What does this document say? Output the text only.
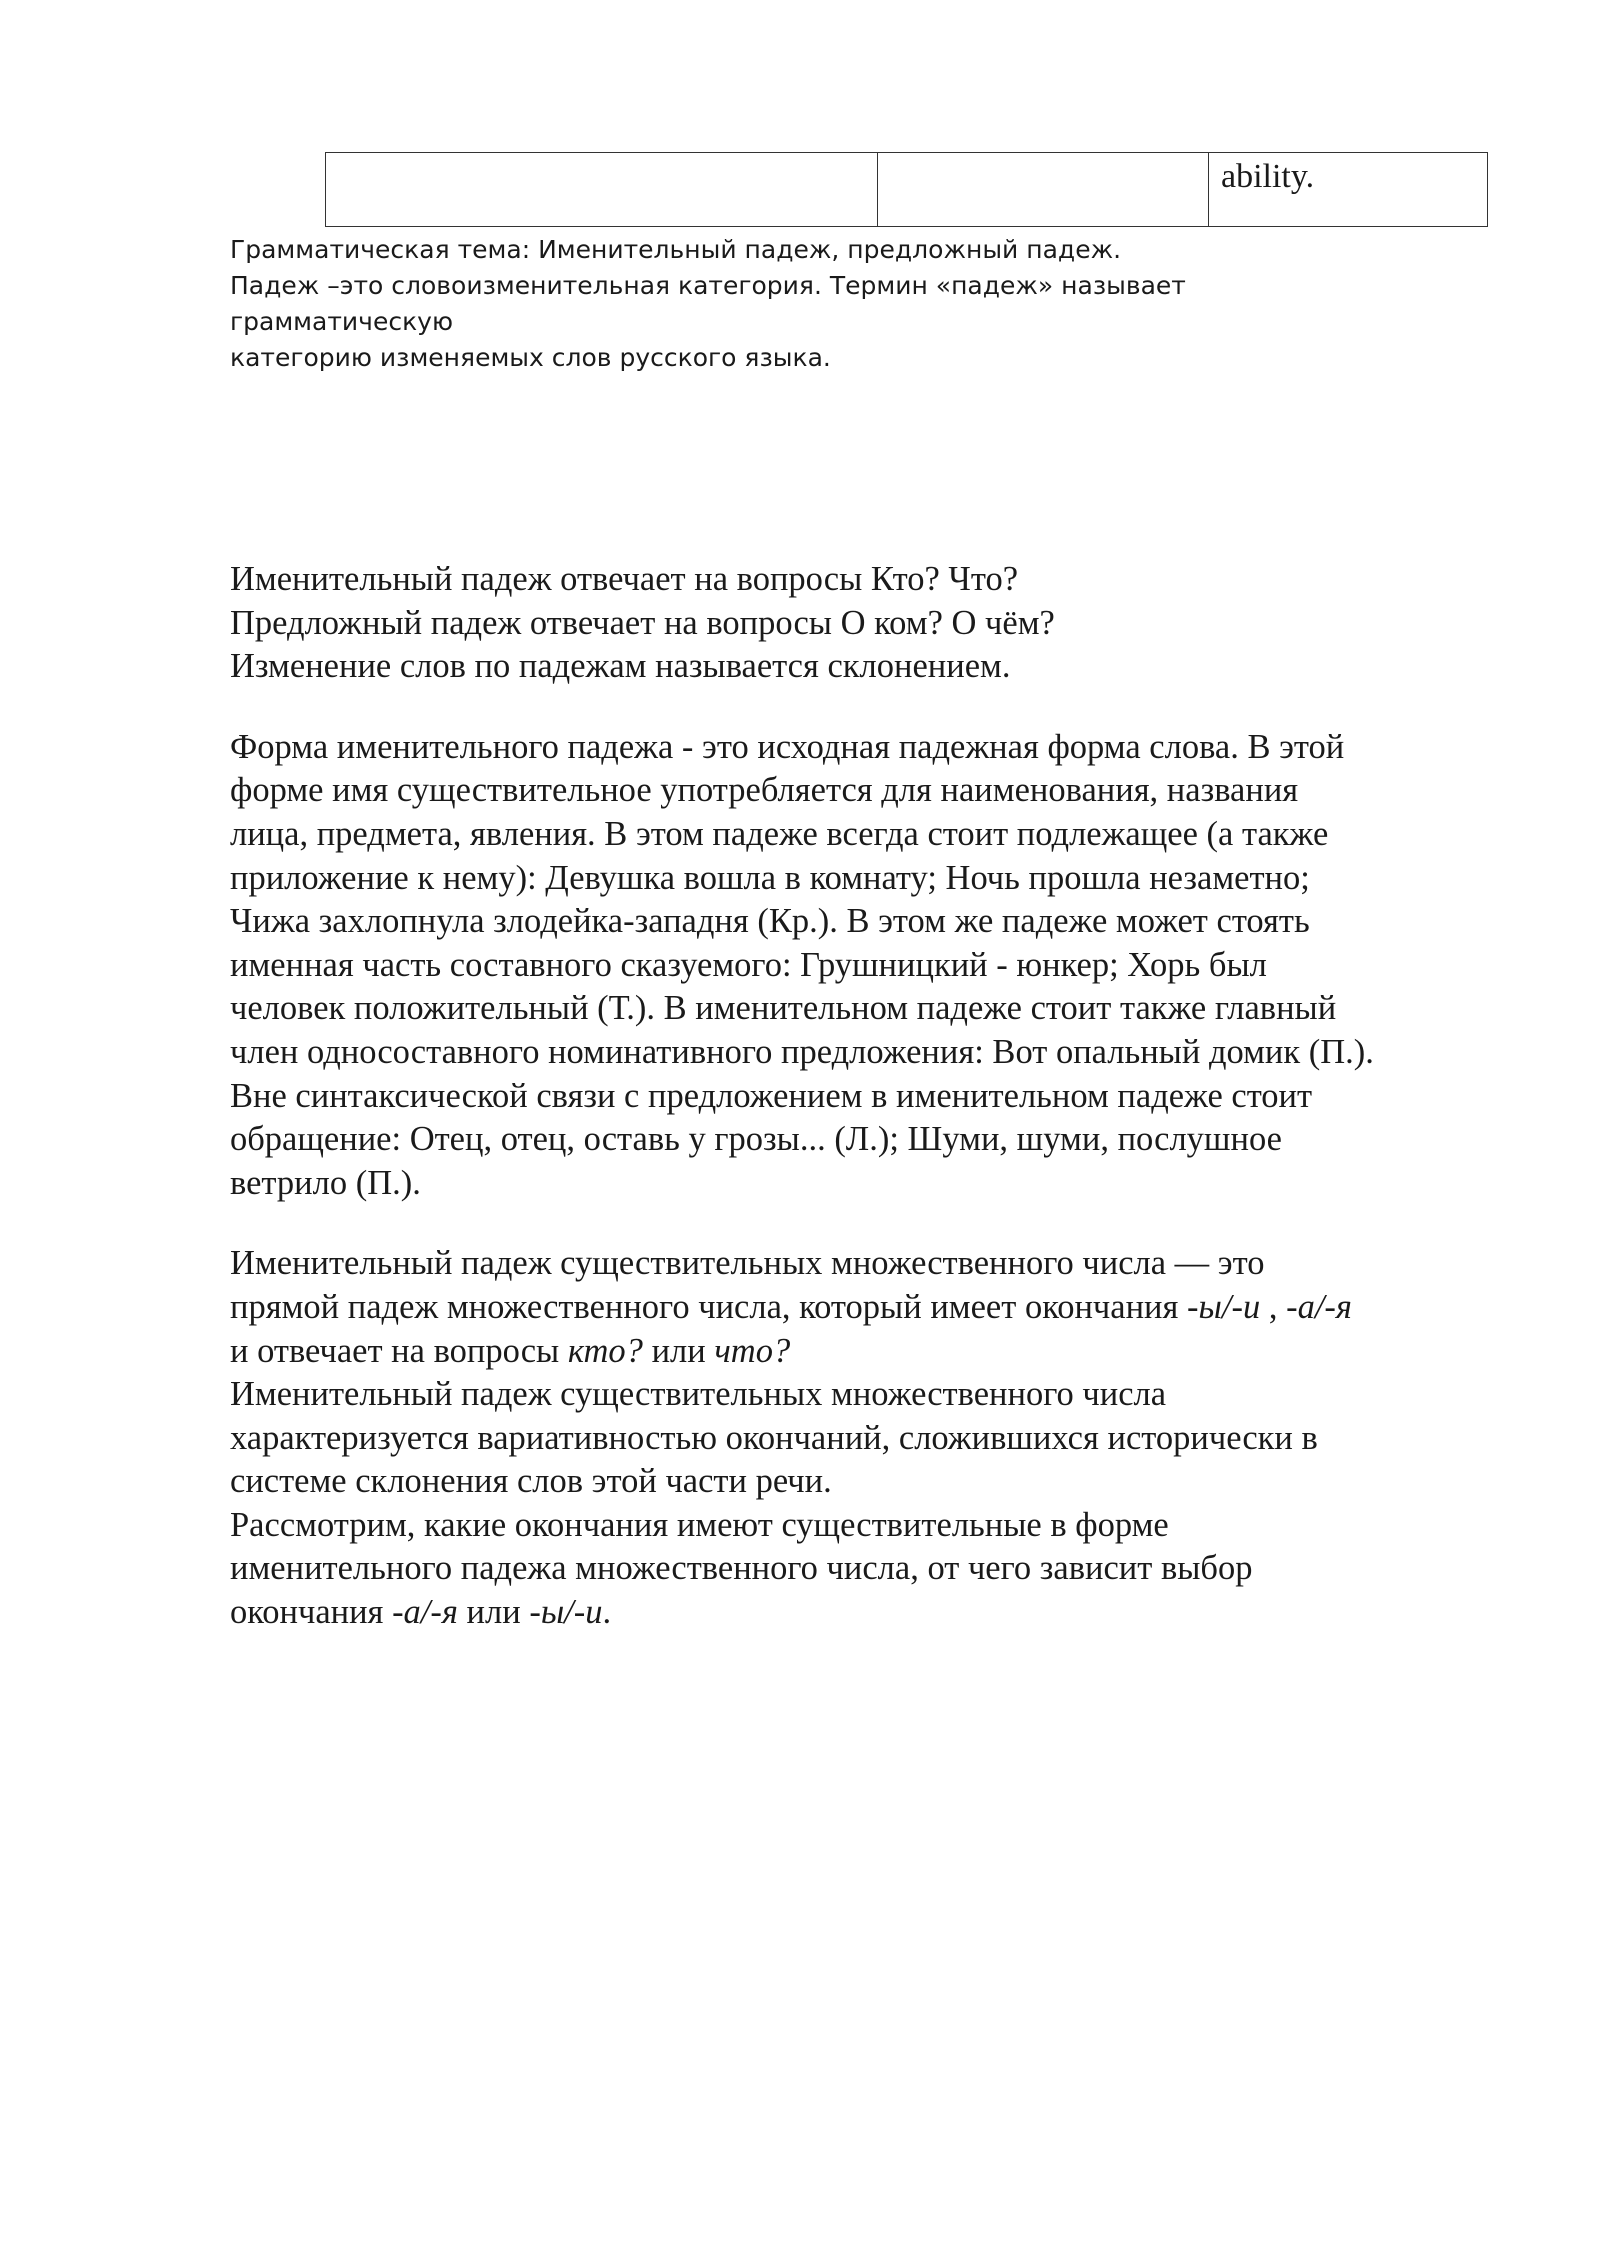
ability.

Грамматическая тема: Именительный падеж, предложный падеж.

Падеж –это словоизменительная категория. Термин «падеж» называет грамматическую

категорию изменяемых слов русского языка.

Именительный падеж отвечает на вопросы Кто? Что?

Предложный падеж отвечает на вопросы О ком? О чём?

Изменение слов по падежам называется склонением.

Форма именительного падежа - это исходная падежная форма слова. В этой

форме имя существительное употребляется для наименования, названия

лица, предмета, явления. В этом падеже всегда стоит подлежащее (а также

приложение к нему): Девушка вошла в комнату; Ночь прошла незаметно;

Чижа захлопнула злодейка-западня (Кр.). В этом же падеже может стоять

именная часть составного сказуемого: Грушницкий - юнкер; Хорь был

человек положительный (Т.). В именительном падеже стоит также главный

член односоставного номинативного предложения: Вот опальный домик (П.).

Вне синтаксической связи с предложением в именительном падеже стоит

обращение: Отец, отец, оставь у грозы... (Л.); Шуми, шуми, послушное

ветрило (П.).

Именительный падеж существительных множественного числа — это

прямой падеж множественного числа, который имеет окончания -ы/-и , -а/-я

и отвечает на вопросы кто? или что?

Именительный падеж существительных множественного числа

характеризуется вариативностью окончаний, сложившихся исторически в

системе склонения слов этой части речи.

Рассмотрим, какие окончания имеют существительные в форме

именительного падежа множественного числа, от чего зависит выбор

окончания -а/-я или -ы/-и.
